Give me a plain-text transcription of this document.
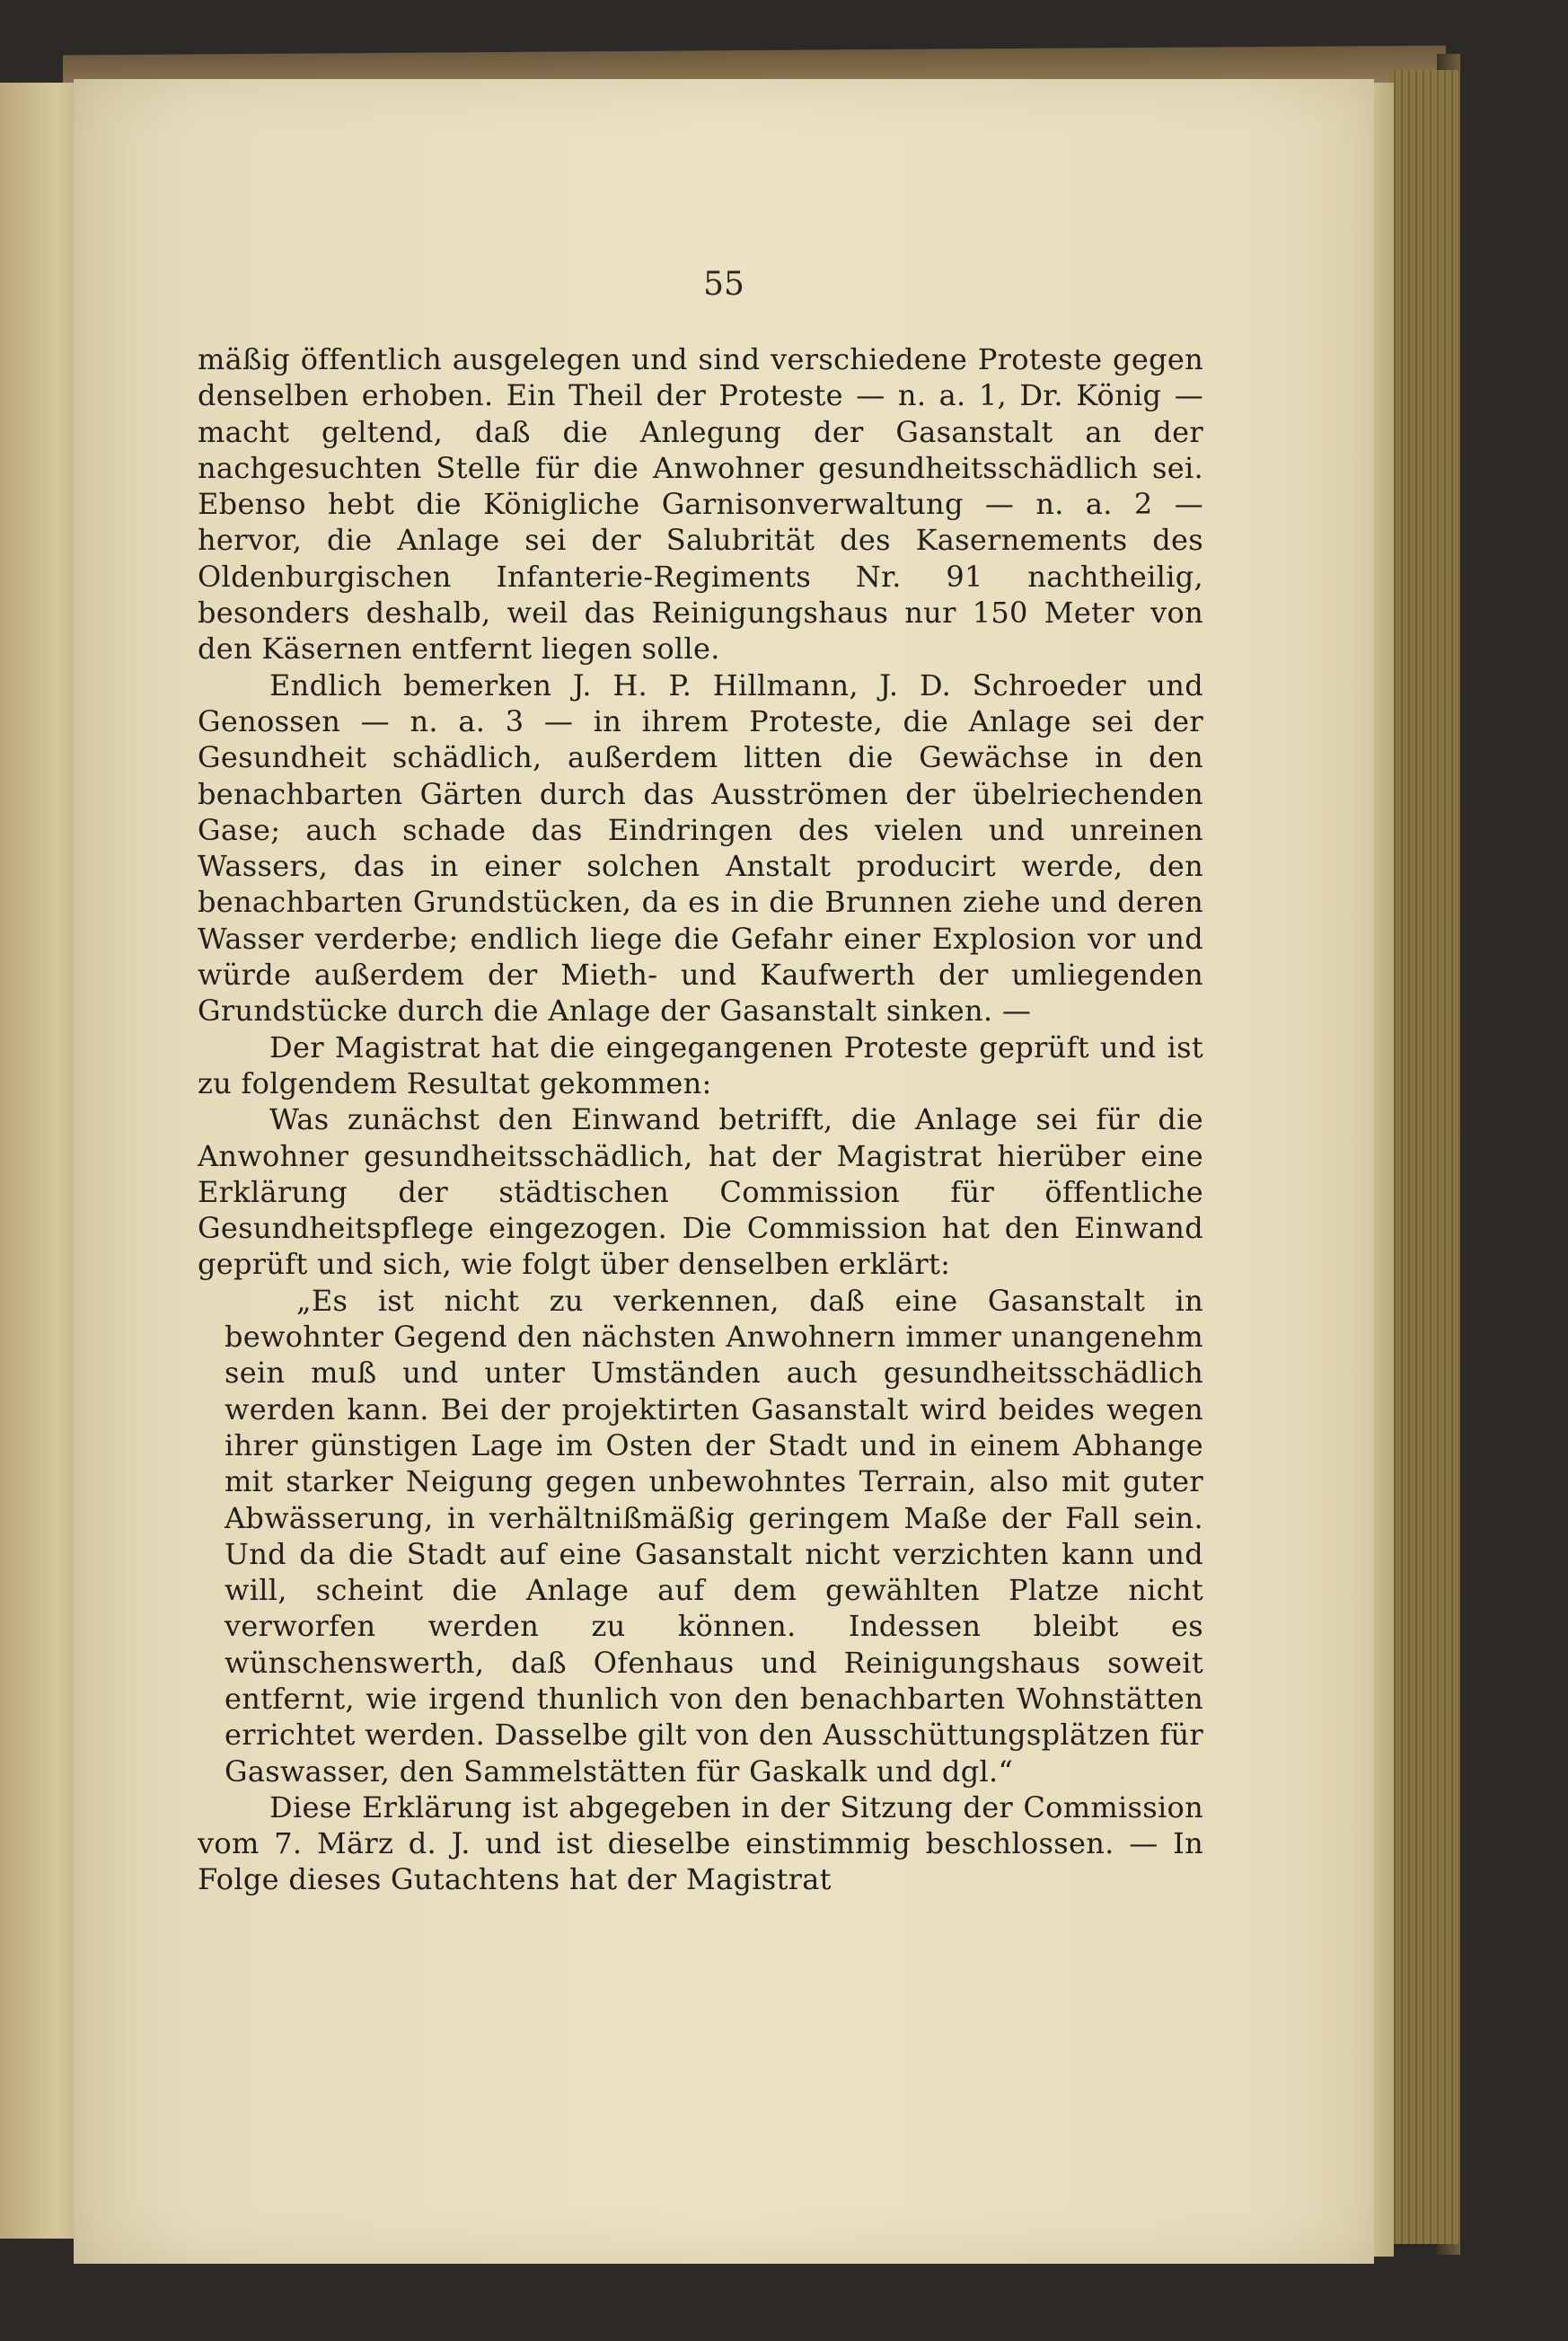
55

mäßig öffentlich ausgelegen und sind verschiedene Proteste gegen denselben erhoben. Ein Theil der Proteste — n. a. 1, Dr. König — macht geltend, daß die Anlegung der Gasanstalt an der nachgesuchten Stelle für die Anwohner gesundheitsschädlich sei. Ebenso hebt die Königliche Garnisonverwaltung — n. a. 2 — hervor, die Anlage sei der Salubrität des Kasernements des Oldenburgischen Infanterie-Regiments Nr. 91 nachtheilig, besonders deshalb, weil das Reinigungshaus nur 150 Meter von den Käsernen entfernt liegen solle.

Endlich bemerken J. H. P. Hillmann, J. D. Schroeder und Genossen — n. a. 3 — in ihrem Proteste, die Anlage sei der Gesundheit schädlich, außerdem litten die Gewächse in den benachbarten Gärten durch das Ausströmen der übelriechenden Gase; auch schade das Eindringen des vielen und unreinen Wassers, das in einer solchen Anstalt producirt werde, den benachbarten Grundstücken, da es in die Brunnen ziehe und deren Wasser verderbe; endlich liege die Gefahr einer Explosion vor und würde außerdem der Mieth- und Kaufwerth der umliegenden Grundstücke durch die Anlage der Gasanstalt sinken. —

Der Magistrat hat die eingegangenen Proteste geprüft und ist zu folgendem Resultat gekommen:

Was zunächst den Einwand betrifft, die Anlage sei für die Anwohner gesundheitsschädlich, hat der Magistrat hierüber eine Erklärung der städtischen Commission für öffentliche Gesundheitspflege eingezogen. Die Commission hat den Einwand geprüft und sich, wie folgt über denselben erklärt:

„Es ist nicht zu verkennen, daß eine Gasanstalt in bewohnter Gegend den nächsten Anwohnern immer unangenehm sein muß und unter Umständen auch gesundheitsschädlich werden kann. Bei der projektirten Gasanstalt wird beides wegen ihrer günstigen Lage im Osten der Stadt und in einem Abhange mit starker Neigung gegen unbewohntes Terrain, also mit guter Abwässerung, in verhältnißmäßig geringem Maße der Fall sein. Und da die Stadt auf eine Gasanstalt nicht verzichten kann und will, scheint die Anlage auf dem gewählten Platze nicht verworfen werden zu können. Indessen bleibt es wünschenswerth, daß Ofenhaus und Reinigungshaus soweit entfernt, wie irgend thunlich von den benachbarten Wohnstätten errichtet werden. Dasselbe gilt von den Ausschüttungsplätzen für Gaswasser, den Sammelstätten für Gaskalk und dgl.“

Diese Erklärung ist abgegeben in der Sitzung der Commission vom 7. März d. J. und ist dieselbe einstimmig beschlossen. — In Folge dieses Gutachtens hat der Magistrat
